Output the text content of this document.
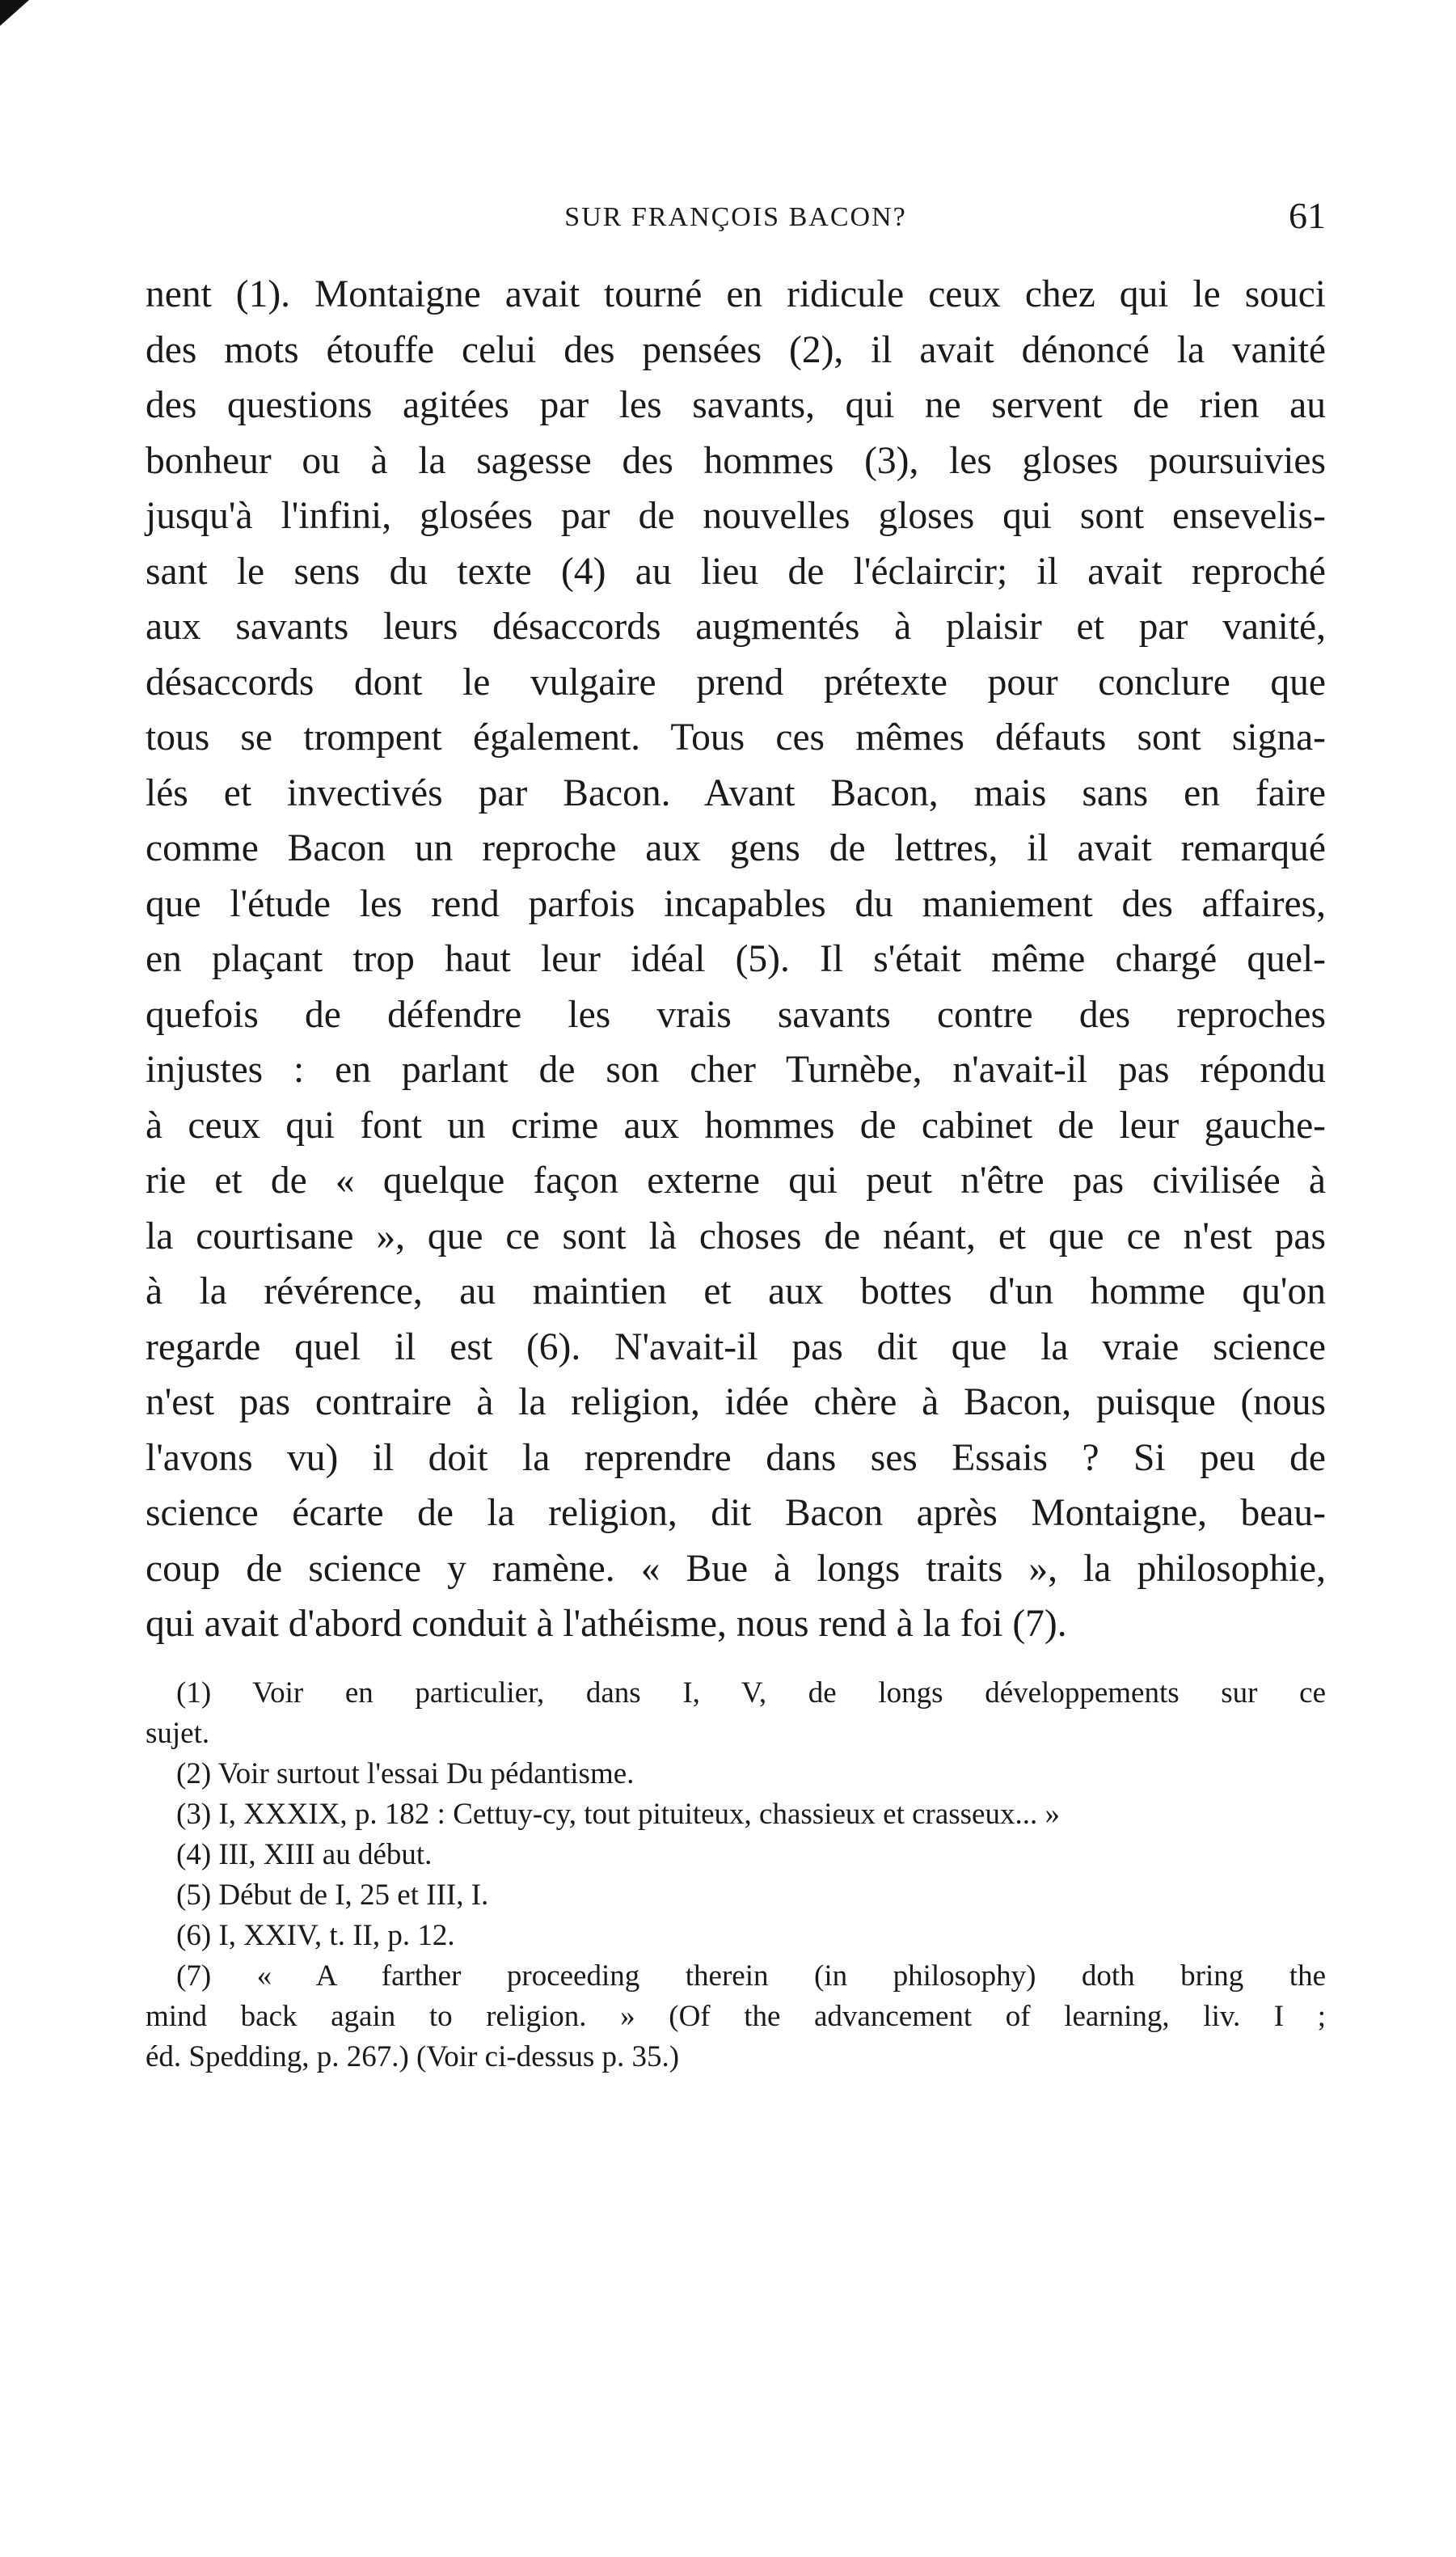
SUR FRANÇOIS BACON?	61
nent (1). Montaigne avait tourné en ridicule ceux chez qui le souci
des mots étouffe celui des pensées (2), il avait dénoncé la vanité
des questions agitées par les savants, qui ne servent de rien au
bonheur ou à la sagesse des hommes (3), les gloses poursuivies
jusqu'à l'infini, glosées par de nouvelles gloses qui sont ensevelis-
sant le sens du texte (4) au lieu de l'éclaircir; il avait reproché
aux savants leurs désaccords augmentés à plaisir et par vanité,
désaccords dont le vulgaire prend prétexte pour conclure que
tous se trompent également. Tous ces mêmes défauts sont signa-
lés et invectivés par Bacon. Avant Bacon, mais sans en faire
comme Bacon un reproche aux gens de lettres, il avait remarqué
que l'étude les rend parfois incapables du maniement des affaires,
en plaçant trop haut leur idéal (5). Il s'était même chargé quel-
quefois de défendre les vrais savants contre des reproches
injustes : en parlant de son cher Turnèbe, n'avait-il pas répondu
à ceux qui font un crime aux hommes de cabinet de leur gauche-
rie et de « quelque façon externe qui peut n'être pas civilisée à
la courtisane », que ce sont là choses de néant, et que ce n'est pas
à la révérence, au maintien et aux bottes d'un homme qu'on
regarde quel il est (6). N'avait-il pas dit que la vraie science
n'est pas contraire à la religion, idée chère à Bacon, puisque (nous
l'avons vu) il doit la reprendre dans ses Essais ? Si peu de
science écarte de la religion, dit Bacon après Montaigne, beau-
coup de science y ramène. « Bue à longs traits », la philosophie,
qui avait d'abord conduit à l'athéisme, nous rend à la foi (7).
(1) Voir en particulier, dans I, V, de longs développements sur ce
sujet.
(2) Voir surtout l'essai Du pédantisme.
(3) I, XXXIX, p. 182 : Cettuy-cy, tout pituiteux, chassieux et crasseux... »
(4) III, XIII au début.
(5) Début de I, 25 et III, I.
(6) I, XXIV, t. II, p. 12.
(7) « A farther proceeding therein (in philosophy) doth bring the
mind back again to religion. » (Of the advancement of learning, liv. I ;
éd. Spedding, p. 267.) (Voir ci-dessus p. 35.)
